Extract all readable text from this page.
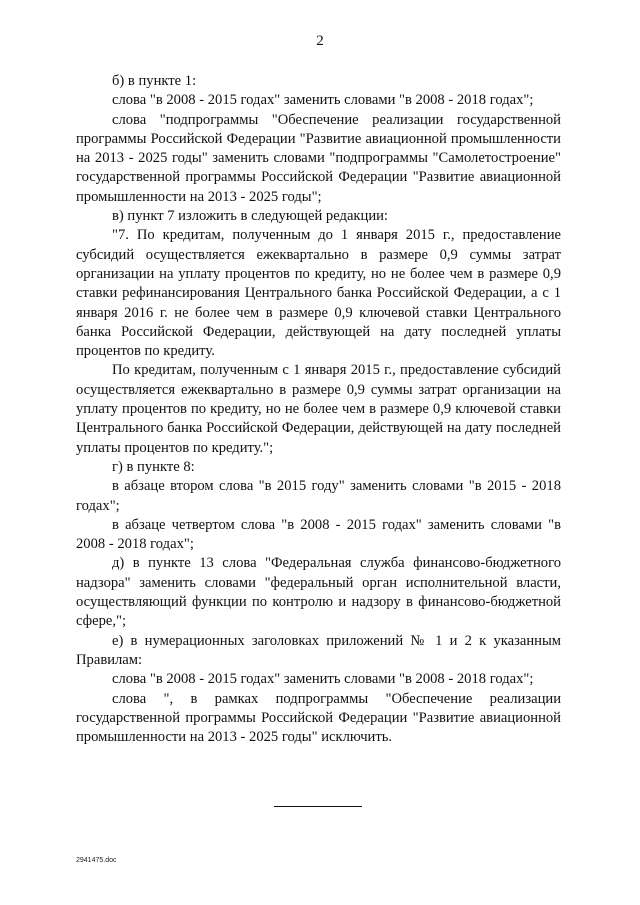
2

б) в пункте 1:

слова "в 2008 - 2015 годах" заменить словами "в 2008 - 2018 годах";

слова "подпрограммы "Обеспечение реализации государственной программы Российской Федерации "Развитие авиационной промышленности на 2013 - 2025 годы" заменить словами "подпрограммы "Самолетостроение" государственной программы Российской Федерации "Развитие авиационной промышленности на 2013 - 2025 годы";

в) пункт 7 изложить в следующей редакции:

"7. По кредитам, полученным до 1 января 2015 г., предоставление субсидий осуществляется ежеквартально в размере 0,9 суммы затрат организации на уплату процентов по кредиту, но не более чем в размере 0,9 ставки рефинансирования Центрального банка Российской Федерации, а с 1 января 2016 г. не более чем в размере 0,9 ключевой ставки Центрального банка Российской Федерации, действующей на дату последней уплаты процентов по кредиту.

По кредитам, полученным с 1 января 2015 г., предоставление субсидий осуществляется ежеквартально в размере 0,9 суммы затрат организации на уплату процентов по кредиту, но не более чем в размере 0,9 ключевой ставки Центрального банка Российской Федерации, действующей на дату последней уплаты процентов по кредиту.";

г) в пункте 8:

в абзаце втором слова "в 2015 году" заменить словами "в 2015 - 2018 годах";

в абзаце четвертом слова "в 2008 - 2015 годах" заменить словами "в 2008 - 2018 годах";

д) в пункте 13 слова "Федеральная служба финансово-бюджетного надзора" заменить словами "федеральный орган исполнительной власти, осуществляющий функции по контролю и надзору в финансово-бюджетной сфере,";

е) в нумерационных заголовках приложений № 1 и 2 к указанным Правилам:

слова "в 2008 - 2015 годах" заменить словами "в 2008 - 2018 годах";

слова ", в рамках подпрограммы "Обеспечение реализации государственной программы Российской Федерации "Развитие авиационной промышленности на 2013 - 2025 годы" исключить.

2941475.doc
